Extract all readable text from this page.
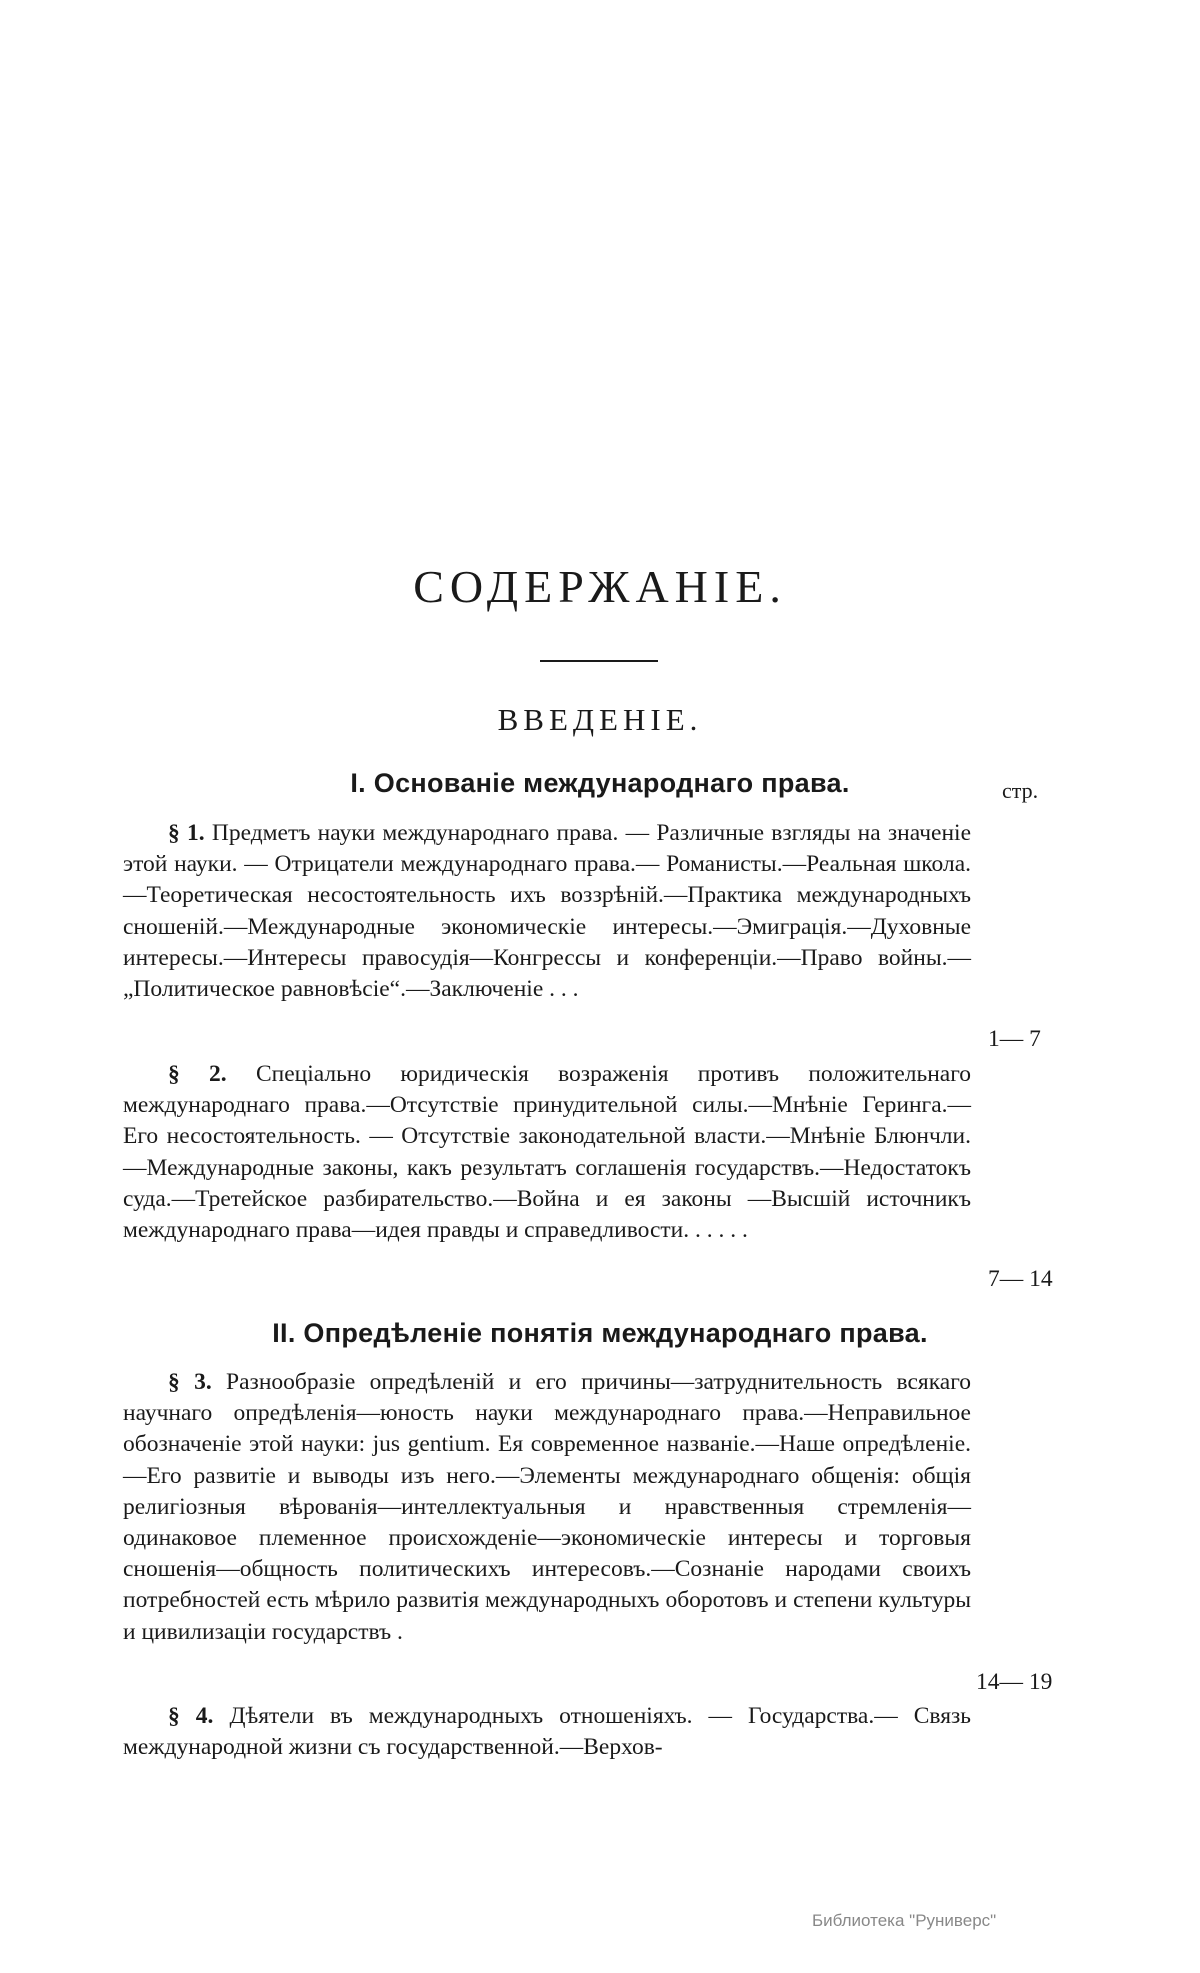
СОДЕРЖАНІЕ.
ВВЕДЕНІЕ.
I. Основаніе международнаго права.	стр.

§ 1. Предметъ науки международнаго права. — Различные взгляды на значеніе этой науки. — Отрицатели международнаго права.— Романисты.—Реальная школа.—Теоретическая несостоятельность ихъ воззрѣній.—Практика международныхъ сношеній.—Международные экономическіе интересы.—Эмиграція.—Духовные интересы.—Интересы правосудія—Конгрессы и конференціи.—Право войны.—„Политическое равновѣсіе“.—Заключеніе . . .

1— 7

§ 2. Спеціально юридическія возраженія противъ положительнаго международнаго права.—Отсутствіе принудительной силы.—Мнѣніе Геринга.—Его несостоятельность. — Отсутствіе законодательной власти.—Мнѣніе Блюнчли.—Международные законы, какъ результатъ соглашенія государствъ.—Недостатокъ суда.—Третейское разбирательство.—Война и ея законы —Высшій источникъ международнаго права—идея правды и справедливости. . . . . .

7— 14
II. Опредѣленіе понятія международнаго права.

§ 3. Разнообразіе опредѣленій и его причины—затруднительность всякаго научнаго опредѣленія—юность науки международнаго права.—Неправильное обозначеніе этой науки: jus gentium. Ея современное названіе.—Наше опредѣленіе.—Его развитіе и выводы изъ него.—Элементы международнаго общенія: общія религіозныя вѣрованія—интеллектуальныя и нравственныя стремленія—одинаковое племенное происхожденіе—экономическіе интересы и торговыя сношенія—общность политическихъ интересовъ.—Сознаніе народами своихъ потребностей есть мѣрило развитія международныхъ оборотовъ и степени культуры и цивилизаціи государствъ .

14— 19

§ 4. Дѣятели въ международныхъ отношеніяхъ. — Государства.— Связь международной жизни съ государственной.—Верхов-

Библиотека "Руниверс"
